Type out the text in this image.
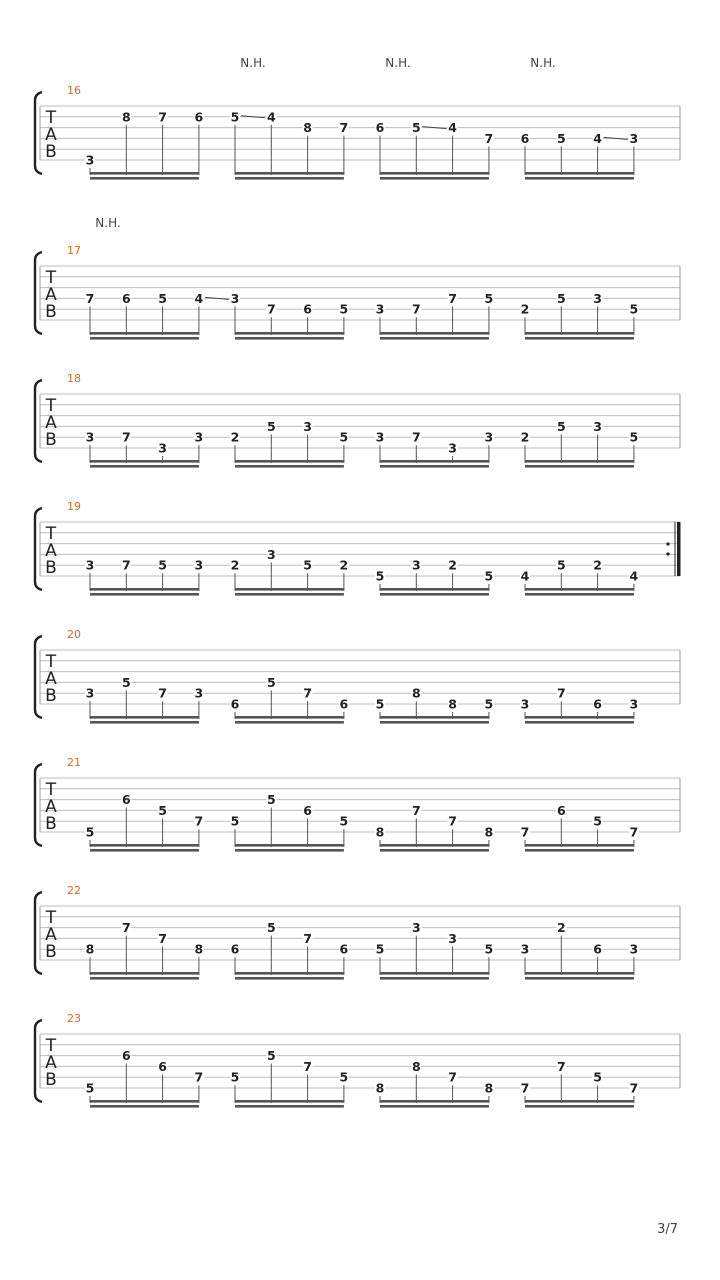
16
T
A
B
N.H.	N.H.	N.H.
3
8 7 6 5 4
8 7 6 5 4
7 6 5 4 3
17
T
A
B
N.H.
7 6 5 4 3
7 6 5 3 7
7 5
2
5 3
5
18
T
A
B 3 7
3
3 2
5 3
5 3 7
3
3 2
5 3
5
19
T
A
B 3 7 5 3 2
3
5 2
5
3 2
5 4
5 2
4
20
T
A
B 3
5
7 3
6
5
7
6 5
8
8 5 3
7
6 3
21
T
A
B 5
6
5
7 5
5
6
5
8
7
7
8 7
6
5
7
22
T
A
B 8
7
7
8 6
5
7
6 5
3
3
5 3
2
6 3
23
T
A
B 5
6
6
7 5
5
7
5
8
8
7
8 7
7
5
7
3/7
